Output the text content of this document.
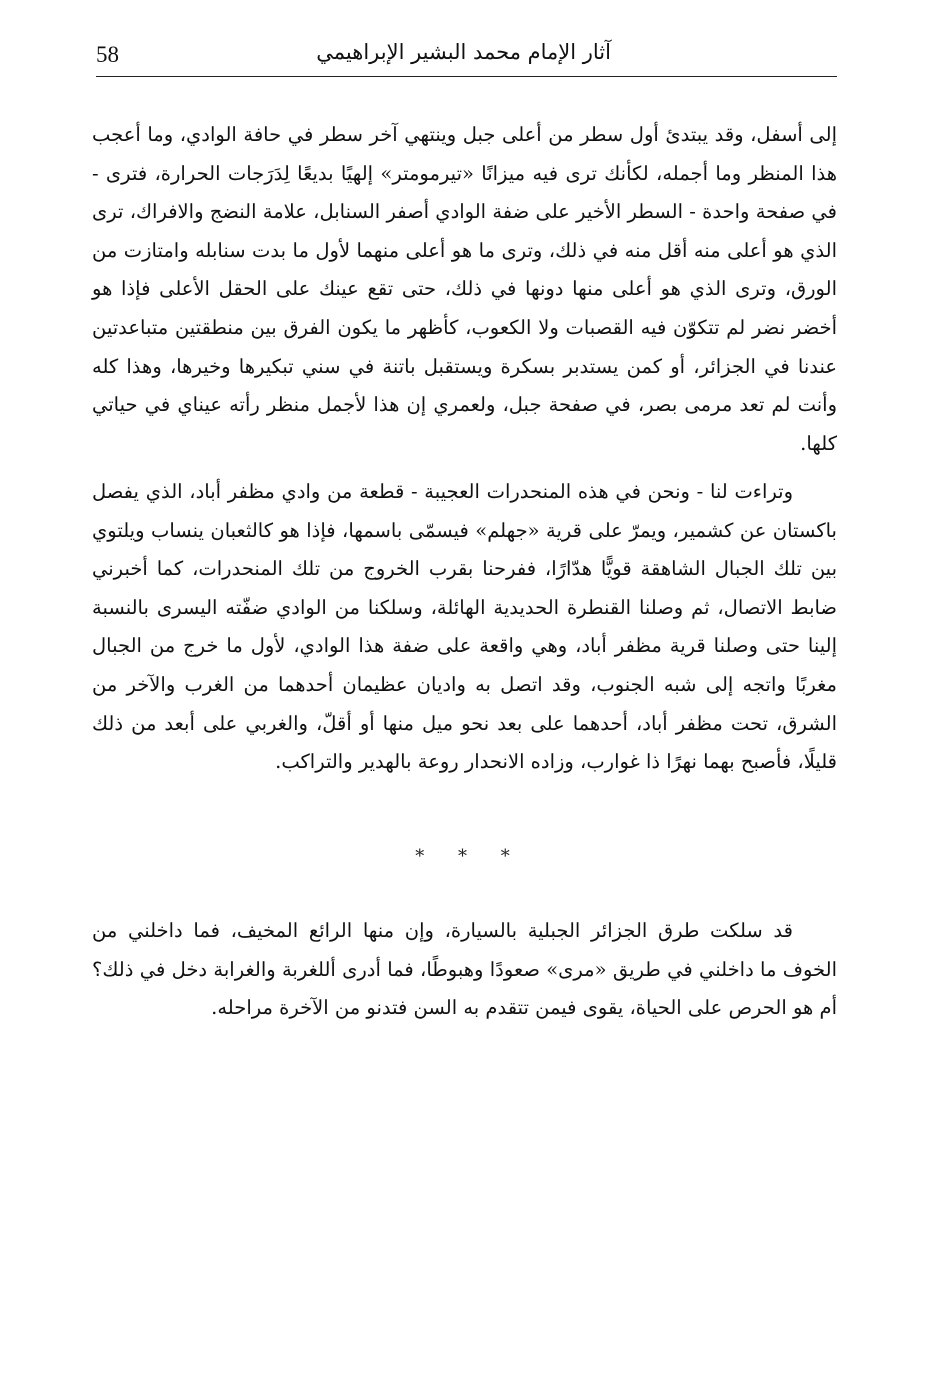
58	آثار الإمام محمد البشير الإبراهيمي

إلى أسفل، وقد يبتدئ أول سطر من أعلى جبل وينتهي آخر سطر في حافة الوادي، وما أعجب هذا المنظر وما أجمله، لكأنك ترى فيه ميزانًا «تيرمومتر» إلهيًا بديعًا لِدَرَجات الحرارة، فترى - في صفحة واحدة - السطر الأخير على ضفة الوادي أصفر السنابل، علامة النضج والافراك، ترى الذي هو أعلى منه أقل منه في ذلك، وترى ما هو أعلى منهما لأول ما بدت سنابله وامتازت من الورق، وترى الذي هو أعلى منها دونها في ذلك، حتى تقع عينك على الحقل الأعلى فإذا هو أخضر نضر لم تتكوّن فيه القصبات ولا الكعوب، كأظهر ما يكون الفرق بين منطقتين متباعدتين عندنا في الجزائر، أو كمن يستدبر بسكرة ويستقبل باتنة في سني تبكيرها وخيرها، وهذا كله وأنت لم تعد مرمى بصر، في صفحة جبل، ولعمري إن هذا لأجمل منظر رأته عيناي في حياتي كلها.

وتراءت لنا - ونحن في هذه المنحدرات العجيبة - قطعة من وادي مظفر أباد، الذي يفصل باكستان عن كشمير، ويمرّ على قرية «جهلم» فيسمّى باسمها، فإذا هو كالثعبان ينساب ويلتوي بين تلك الجبال الشاهقة قويًّا هدّارًا، ففرحنا بقرب الخروج من تلك المنحدرات، كما أخبرني ضابط الاتصال، ثم وصلنا القنطرة الحديدية الهائلة، وسلكنا من الوادي ضفّته اليسرى بالنسبة إلينا حتى وصلنا قرية مظفر أباد، وهي واقعة على ضفة هذا الوادي، لأول ما خرج من الجبال مغربًا واتجه إلى شبه الجنوب، وقد اتصل به واديان عظيمان أحدهما من الغرب والآخر من الشرق، تحت مظفر أباد، أحدهما على بعد نحو ميل منها أو أقلّ، والغربي على أبعد من ذلك قليلًا، فأصبح بهما نهرًا ذا غوارب، وزاده الانحدار روعة بالهدير والتراكب.

* * *

قد سلكت طرق الجزائر الجبلية بالسيارة، وإن منها الرائع المخيف، فما داخلني من الخوف ما داخلني في طريق «مرى» صعودًا وهبوطًا، فما أدرى أللغربة والغرابة دخل في ذلك؟ أم هو الحرص على الحياة، يقوى فيمن تتقدم به السن فتدنو من الآخرة مراحله.
